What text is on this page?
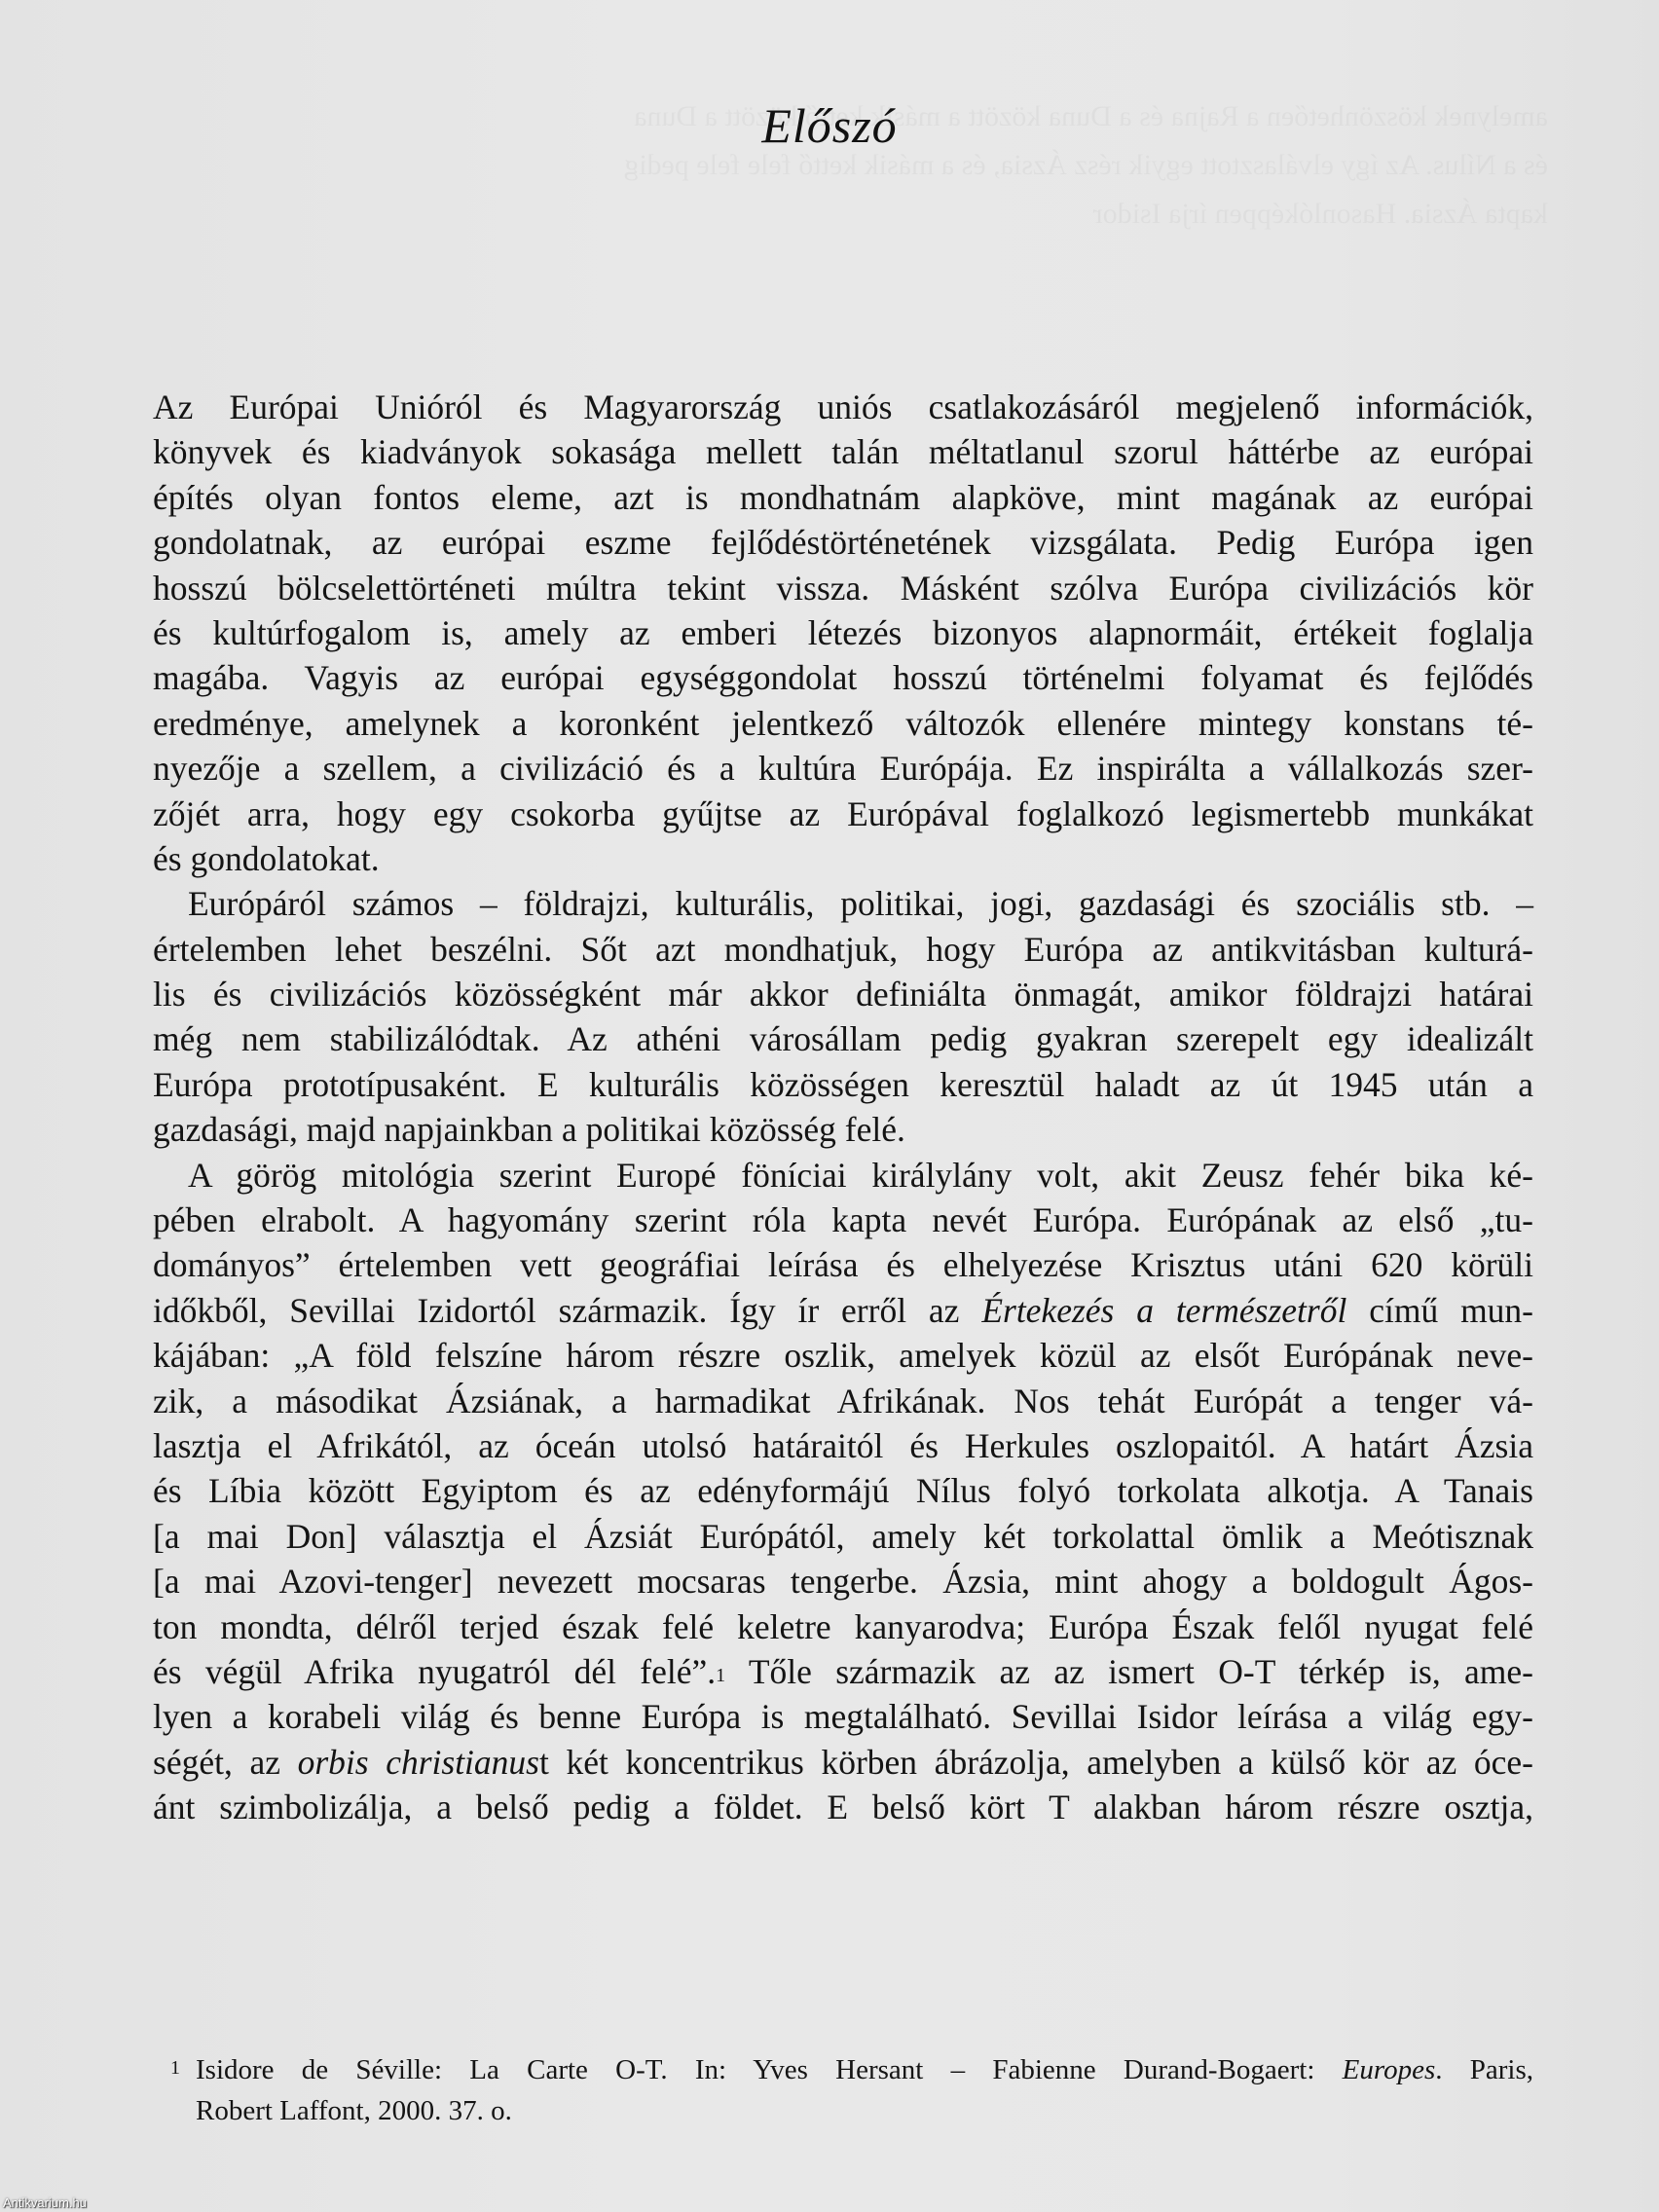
Előszó
Az Európai Unióról és Magyarország uniós csatlakozásáról megjelenő információk,
könyvek és kiadványok sokasága mellett talán méltatlanul szorul háttérbe az európai
építés olyan fontos eleme, azt is mondhatnám alapköve, mint magának az európai
gondolatnak, az európai eszme fejlődéstörténetének vizsgálata. Pedig Európa igen
hosszú bölcselettörténeti múltra tekint vissza. Másként szólva Európa civilizációs kör
és kultúrfogalom is, amely az emberi létezés bizonyos alapnormáit, értékeit foglalja
magába. Vagyis az európai egységgondolat hosszú történelmi folyamat és fejlődés
eredménye, amelynek a koronként jelentkező változók ellenére mintegy konstans té-
nyezője a szellem, a civilizáció és a kultúra Európája. Ez inspirálta a vállalkozás szer-
zőjét arra, hogy egy csokorba gyűjtse az Európával foglalkozó legismertebb munkákat
és gondolatokat.
Európáról számos – földrajzi, kulturális, politikai, jogi, gazdasági és szociális stb. –
értelemben lehet beszélni. Sőt azt mondhatjuk, hogy Európa az antikvitásban kulturá-
lis és civilizációs közösségként már akkor definiálta önmagát, amikor földrajzi határai
még nem stabilizálódtak. Az athéni városállam pedig gyakran szerepelt egy idealizált
Európa prototípusaként. E kulturális közösségen keresztül haladt az út 1945 után a
gazdasági, majd napjainkban a politikai közösség felé.
A görög mitológia szerint Europé föníciai királylány volt, akit Zeusz fehér bika ké-
pében elrabolt. A hagyomány szerint róla kapta nevét Európa. Európának az első „tu-
dományos” értelemben vett geográfiai leírása és elhelyezése Krisztus utáni 620 körüli
időkből, Sevillai Izidortól származik. Így ír erről az Értekezés a természetről című mun-
kájában: „A föld felszíne három részre oszlik, amelyek közül az elsőt Európának neve-
zik, a másodikat Ázsiának, a harmadikat Afrikának. Nos tehát Európát a tenger vá-
lasztja el Afrikától, az óceán utolsó határaitól és Herkules oszlopaitól. A határt Ázsia
és Líbia között Egyiptom és az edényformájú Nílus folyó torkolata alkotja. A Tanais
[a mai Don] választja el Ázsiát Európától, amely két torkolattal ömlik a Meótisznak
[a mai Azovi-tenger] nevezett mocsaras tengerbe. Ázsia, mint ahogy a boldogult Ágos-
ton mondta, délről terjed észak felé keletre kanyarodva; Európa Észak felől nyugat felé
és végül Afrika nyugatról dél felé”.$^1$ Tőle származik az az ismert O-T térkép is, ame-
lyen a korabeli világ és benne Európa is megtalálható. Sevillai Isidor leírása a világ egy-
ségét, az orbis christianust két koncentrikus körben ábrázolja, amelyben a külső kör az óce-
ánt szimbolizálja, a belső pedig a földet. E belső kört T alakban három részre osztja,
1 Isidore de Séville: La Carte O-T. In: Yves Hersant – Fabienne Durand-Bogaert: Europes. Paris,
Robert Laffont, 2000. 37. o.
Antikvarium.hu
